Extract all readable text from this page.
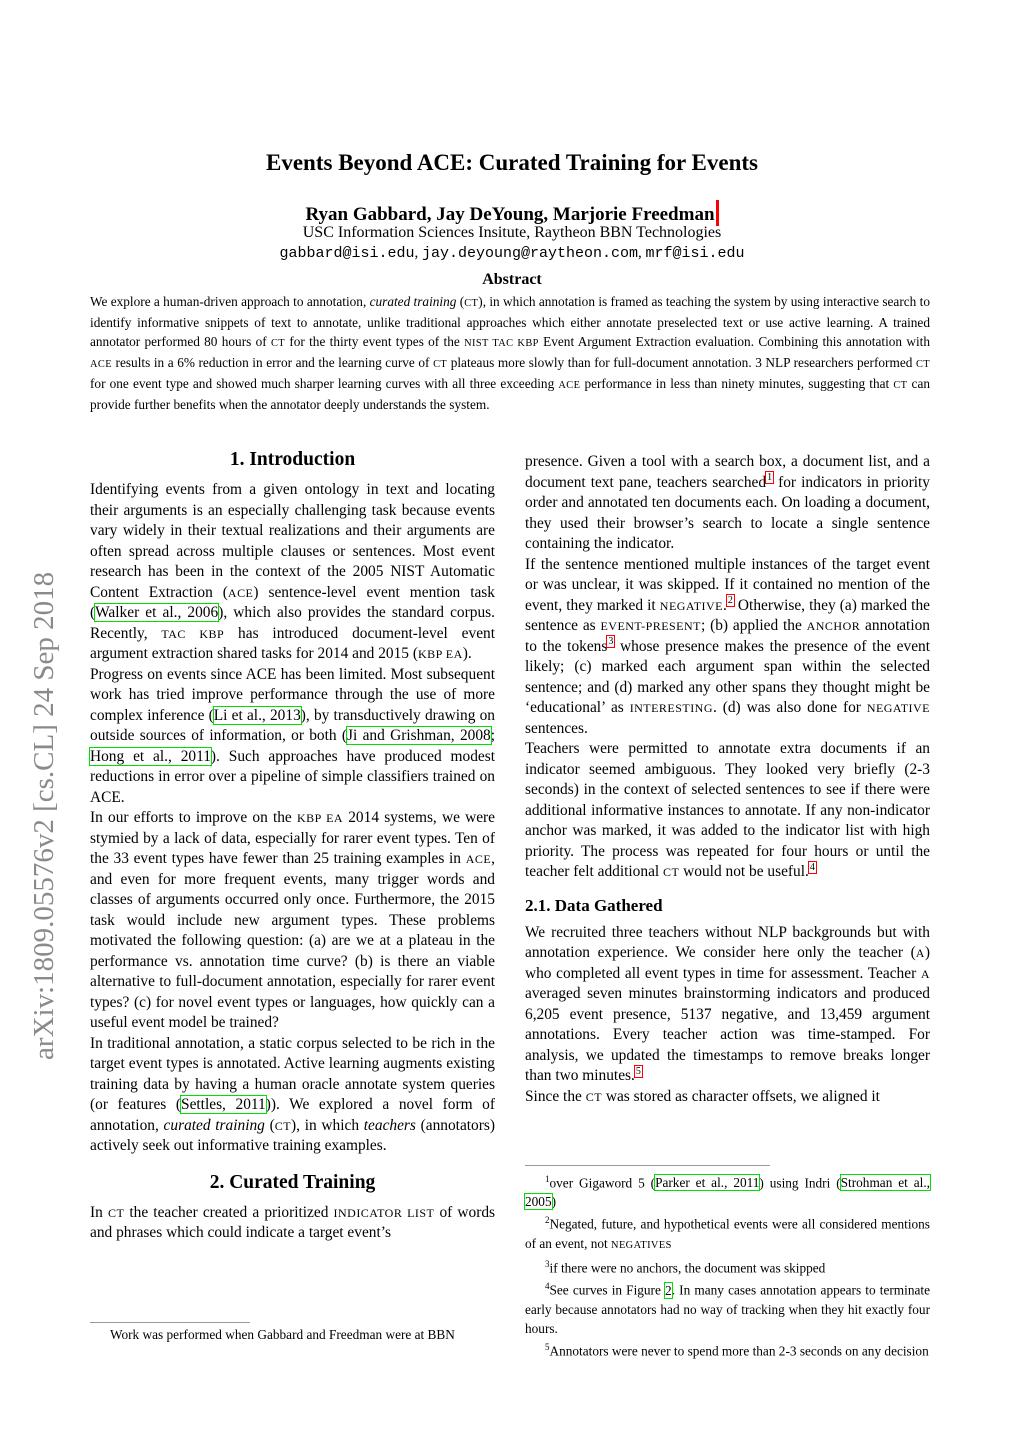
Events Beyond ACE: Curated Training for Events
Ryan Gabbard, Jay DeYoung, Marjorie Freedman
USC Information Sciences Insitute, Raytheon BBN Technologies
gabbard@isi.edu, jay.deyoung@raytheon.com, mrf@isi.edu
Abstract
We explore a human-driven approach to annotation, curated training (CT), in which annotation is framed as teaching the system by using interactive search to identify informative snippets of text to annotate, unlike traditional approaches which either annotate preselected text or use active learning. A trained annotator performed 80 hours of CT for the thirty event types of the NIST TAC KBP Event Argument Extraction evaluation. Combining this annotation with ACE results in a 6% reduction in error and the learning curve of CT plateaus more slowly than for full-document annotation. 3 NLP researchers performed CT for one event type and showed much sharper learning curves with all three exceeding ACE performance in less than ninety minutes, suggesting that CT can provide further benefits when the annotator deeply understands the system.
arXiv:1809.05576v2 [cs.CL] 24 Sep 2018
1. Introduction

Identifying events from a given ontology in text and locating their arguments is an especially challenging task because events vary widely in their textual realizations and their arguments are often spread across multiple clauses or sentences. Most event research has been in the context of the 2005 NIST Automatic Content Extraction (ACE) sentence-level event mention task (Walker et al., 2006), which also provides the standard corpus. Recently, TAC KBP has introduced document-level event argument extraction shared tasks for 2014 and 2015 (KBP EA).

Progress on events since ACE has been limited. Most subsequent work has tried improve performance through the use of more complex inference (Li et al., 2013), by transductively drawing on outside sources of information, or both (Ji and Grishman, 2008; Hong et al., 2011). Such approaches have produced modest reductions in error over a pipeline of simple classifiers trained on ACE.

In our efforts to improve on the KBP EA 2014 systems, we were stymied by a lack of data, especially for rarer event types. Ten of the 33 event types have fewer than 25 training examples in ACE, and even for more frequent events, many trigger words and classes of arguments occurred only once. Furthermore, the 2015 task would include new argument types. These problems motivated the following question: (a) are we at a plateau in the performance vs. annotation time curve? (b) is there an viable alternative to full-document annotation, especially for rarer event types? (c) for novel event types or languages, how quickly can a useful event model be trained?

In traditional annotation, a static corpus selected to be rich in the target event types is annotated. Active learning augments existing training data by having a human oracle annotate system queries (or features (Settles, 2011)). We explored a novel form of annotation, curated training (CT), in which teachers (annotators) actively seek out informative training examples.

2. Curated Training

In CT the teacher created a prioritized INDICATOR LIST of words and phrases which could indicate a target event’s

Work was performed when Gabbard and Freedman were at BBN

presence. Given a tool with a search box, a document list, and a document text pane, teachers searched$^1$ for indicators in priority order and annotated ten documents each. On loading a document, they used their browser’s search to locate a single sentence containing the indicator.

If the sentence mentioned multiple instances of the target event or was unclear, it was skipped. If it contained no mention of the event, they marked it NEGATIVE.$^2$ Otherwise, they (a) marked the sentence as EVENT-PRESENT; (b) applied the ANCHOR annotation to the tokens$^3$ whose presence makes the presence of the event likely; (c) marked each argument span within the selected sentence; and (d) marked any other spans they thought might be ‘educational’ as INTERESTING. (d) was also done for NEGATIVE sentences.

Teachers were permitted to annotate extra documents if an indicator seemed ambiguous. They looked very briefly (2-3 seconds) in the context of selected sentences to see if there were additional informative instances to annotate. If any non-indicator anchor was marked, it was added to the indicator list with high priority. The process was repeated for four hours or until the teacher felt additional CT would not be useful.$^4$

2.1. Data Gathered

We recruited three teachers without NLP backgrounds but with annotation experience. We consider here only the teacher (A) who completed all event types in time for assessment. Teacher A averaged seven minutes brainstorming indicators and produced 6,205 event presence, 5137 negative, and 13,459 argument annotations. Every teacher action was time-stamped. For analysis, we updated the timestamps to remove breaks longer than two minutes.$^5$

Since the CT was stored as character offsets, we aligned it

$^1$over Gigaword 5 (Parker et al., 2011) using Indri (Strohman et al., 2005)

$^2$Negated, future, and hypothetical events were all considered mentions of an event, not NEGATIVES

$^3$if there were no anchors, the document was skipped

$^4$See curves in Figure 2. In many cases annotation appears to terminate early because annotators had no way of tracking when they hit exactly four hours.

$^5$Annotators were never to spend more than 2-3 seconds on any decision
